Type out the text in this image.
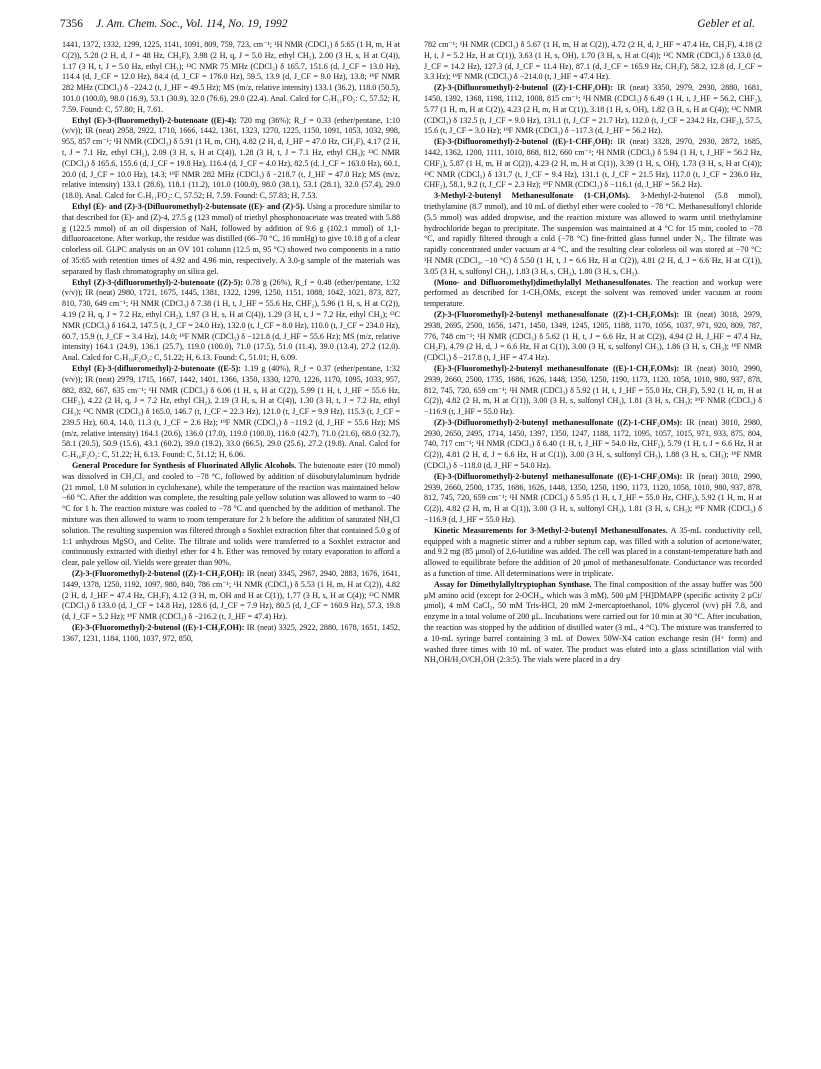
7356 J. Am. Chem. Soc., Vol. 114, No. 19, 1992	Gebler et al.

1441, 1372, 1332, 1299, 1225, 1141, 1091, 809, 759, 723, cm⁻¹; ¹H NMR (CDCl₃) δ 5.65 (1 H, m, H at C(2)), 5.28 (2 H, d, J = 48 Hz, CH₂F), 3.98 (2 H, q, J = 5.0 Hz, ethyl CH₂), 2.00 (3 H, s, H at C(4)), 1.17 (3 H, t, J = 5.0 Hz, ethyl CH₃); ¹³C NMR 75 MHz (CDCl₃) δ 165.7, 151.6 (d, J_CF = 13.0 Hz), 114.4 (d, J_CF = 12.0 Hz), 84.4 (d, J_CF = 176.0 Hz), 59.5, 13.9 (d, J_CF = 9.0 Hz), 13.8; ¹⁹F NMR 282 MHz (CDCl₃) δ −224.2 (t, J_HF = 49.5 Hz); MS (m/z, relative intensity) 133.1 (36.2), 118.0 (50.5), 101.0 (100.0), 98.0 (16.9), 53.1 (30.9), 32.0 (76.6), 29.0 (22.4). Anal. Calcd for C₇H₁₁FO₂: C, 57.52; H, 7.59. Found: C, 57.80; H, 7.61.

Ethyl (E)-3-(fluoromethyl)-2-butenoate ((E)-4): 720 mg (36%); R_f = 0.33 (ether/pentane, 1:10 (v/v)); IR (neat) 2958, 2922, 1710, 1666, 1442, 1361, 1323, 1270, 1225, 1150, 1091, 1053, 1032, 998, 955, 857 cm⁻¹; ¹H NMR (CDCl₃) δ 5.91 (1 H, m, CH), 4.82 (2 H, d, J_HF = 47.0 Hz, CH₂F), 4.17 (2 H, t, J = 7.1 Hz, ethyl CH₂), 2.09 (3 H, s, H at C(4)), 1.28 (3 H, t, J = 7.1 Hz, ethyl CH₃); ¹³C NMR (CDCl₃) δ 165.6, 155.6 (d, J_CF = 19.8 Hz), 116.4 (d, J_CF = 4.0 Hz), 82.5 (d, J_CF = 163.0 Hz), 60.1, 20.0 (d, J_CF = 10.0 Hz), 14.3; ¹⁹F NMR 282 MHz (CDCl₃) δ −218.7 (t, J_HF = 47.0 Hz); MS (m/z, relative intensity) 133.1 (28.6), 118.1 (11.2), 101.0 (100.0), 98.0 (38.1), 53.1 (28.1), 32.0 (57.4), 29.0 (18.0). Anal. Calcd for C₇H₁₁FO₂: C, 57.52; H, 7.59. Found: C, 57.83; H, 7.53.

Ethyl (E)- and (Z)-3-(Difluoromethyl)-2-butenoate ((E)- and (Z)-5). Using a procedure similar to that described for (E)- and (Z)-4, 27.5 g (123 mmol) of triethyl phosphonoacetate was treated with 5.88 g (122.5 mmol) of an oil dispersion of NaH, followed by addition of 9.6 g (102.1 mmol) of 1,1-difluoroacetone. After workup, the residue was distilled (66–70 °C, 16 mmHg) to give 10.18 g of a clear colorless oil. GLPC analysis on an OV 101 column (12.5 m, 95 °C) showed two components in a ratio of 35:65 with retention times of 4.92 and 4.96 min, respectively. A 3.0-g sample of the materials was separated by flash chromatography on silica gel.

Ethyl (Z)-3-(difluoromethyl)-2-butenoate ((Z)-5): 0.78 g (26%), R_f = 0.48 (ether/pentane, 1:32 (v/v)); IR (neat) 2980, 1721, 1675, 1445, 1381, 1322, 1299, 1250, 1151, 1088, 1042, 1021, 873, 827, 810, 730, 649 cm⁻¹; ¹H NMR (CDCl₃) δ 7.38 (1 H, t, J_HF = 55.6 Hz, CHF₂), 5.96 (1 H, s, H at C(2)), 4.19 (2 H, q, J = 7.2 Hz, ethyl CH₂), 1.97 (3 H, s, H at C(4)), 1.29 (3 H, t, J = 7.2 Hz, ethyl CH₃); ¹³C NMR (CDCl₃) δ 164.2, 147.5 (t, J_CF = 24.0 Hz), 132.0 (t, J_CF = 8.0 Hz), 110.0 (t, J_CF = 234.0 Hz), 60.7, 15.9 (t, J_CF = 3.4 Hz), 14.0; ¹⁹F NMR (CDCl₃) δ −121.8 (d, J_HF = 55.6 Hz); MS (m/z, relative intensity) 164.1 (24.9), 136.1 (25.7), 119.0 (100.0), 71.0 (17.5), 51.0 (11.4), 39.0 (13.4), 27.2 (12.0). Anal. Calcd for C₇H₁₀F₂O₂: C, 51.22; H, 6.13. Found: C, 51.01; H, 6.09.

Ethyl (E)-3-(difluoromethyl)-2-butenoate ((E-5): 1.19 g (40%), R_f = 0.37 (ether/pentane, 1:32 (v/v)); IR (neat) 2979, 1715, 1667, 1442, 1401, 1366, 1350, 1330, 1270, 1226, 1170, 1095, 1033, 957, 882, 832, 667, 635 cm⁻¹; ¹H NMR (CDCl₃) δ 6.06 (1 H, s, H at C(2)), 5.99 (1 H, t, J_HF = 55.6 Hz, CHF₂), 4.22 (2 H, q, J = 7.2 Hz, ethyl CH₂), 2.19 (3 H, s, H at C(4)), 1.30 (3 H, t, J = 7.2 Hz, ethyl CH₃); ¹³C NMR (CDCl₃) δ 165.0, 146.7 (t, J_CF = 22.3 Hz), 121.0 (t, J_CF = 9.9 Hz), 115.3 (t, J_CF = 239.5 Hz), 60.4, 14.0, 11.3 (t, J_CF = 2.6 Hz); ¹⁹F NMR (CDCl₃) δ −119.2 (d, J_HF = 55.6 Hz); MS (m/z, relative intensity) 164.1 (20.6), 136.0 (17.0), 119.0 (100.0), 116.0 (42.7), 71.0 (21.6), 68.0 (32.7), 58.1 (20.5), 50.9 (15.6), 43.1 (60.2), 39.0 (19.2), 33.0 (66.5), 29.0 (25.6), 27.2 (19.8). Anal. Calcd for C₇H₁₀F₂O₂: C, 51.22; H, 6.13. Found: C, 51.12; H, 6.06.

General Procedure for Synthesis of Fluorinated Allylic Alcohols. The butenoate ester (10 mmol) was dissolved in CH₂Cl₂ and cooled to −78 °C, followed by addition of diisobutylaluminum hydride (21 mmol, 1.0 M solution in cyclohexane), while the temperature of the reaction was maintained below −60 °C. After the addition was complete, the resulting pale yellow solution was allowed to warm to −40 °C for 1 h. The reaction mixture was cooled to −78 °C and quenched by the addition of methanol. The mixture was then allowed to warm to room temperature for 2 h before the addition of saturated NH₄Cl solution. The resulting suspension was filtered through a Soxhlet extraction filter that contained 5.0 g of 1:1 anhydrous MgSO₄ and Celite. The filtrate and solids were transferred to a Soxhlet extractor and continuously extracted with diethyl ether for 4 h. Ether was removed by rotary evaporation to afford a clear, pale yellow oil. Yields were greater than 90%.

(Z)-3-(Fluoromethyl)-2-butenol ((Z)-1-CH₂F,OH): IR (neat) 3345, 2967, 2940, 2883, 1676, 1641, 1449, 1378, 1250, 1192, 1097, 980, 840, 786 cm⁻¹; ¹H NMR (CDCl₃) δ 5.53 (1 H, m, H at C(2)), 4.82 (2 H, d, J_HF = 47.4 Hz, CH₂F), 4.12 (3 H, m, OH and H at C(1)), 1.77 (3 H, s, H at C(4)); ¹³C NMR (CDCl₃) δ 133.0 (d, J_CF = 14.8 Hz), 128.6 (d, J_CF = 7.9 Hz), 80.5 (d, J_CF = 160.9 Hz), 57.3, 19.8 (d, J_CF = 5.2 Hz); ¹⁹F NMR (CDCl₃) δ −216.2 (t, J_HF = 47.4) Hz).

(E)-3-(Fluoromethyl)-2-butenol ((E)-1-CH₂F,OH): IR (neat) 3325, 2922, 2880, 1678, 1651, 1452, 1367, 1231, 1184, 1100, 1037, 972, 850,

782 cm⁻¹; ¹H NMR (CDCl₃) δ 5.67 (1 H, m, H at C(2)), 4.72 (2 H, d, J_HF = 47.4 Hz, CH₂F), 4.18 (2 H, t, J = 5.2 Hz, H at C(1)), 3.63 (1 H, s, OH), 1.70 (3 H, s, H at C(4)); ¹³C NMR (CDCl₃) δ 133.0 (d, J_CF = 14.2 Hz), 127.3 (d, J_CF = 11.4 Hz), 87.1 (d, J_CF = 165.9 Hz, CH₂F), 58.2, 12.8 (d, J_CF = 3.3 Hz); ¹⁹F NMR (CDCl₃) δ −214.0 (t, J_HF = 47.4 Hz).

(Z)-3-(Difluoromethyl)-2-butenol ((Z)-1-CHF₂OH): IR (neat) 3350, 2979, 2930, 2880, 1681, 1450, 1392, 1368, 1198, 1112, 1008, 815 cm⁻¹; ¹H NMR (CDCl₃) δ 6.49 (1 H, t, J_HF = 56.2, CHF₂), 5.77 (1 H, m, H at C(2)), 4.23 (2 H, m, H at C(1)), 3.18 (1 H, s, OH), 1.82 (3 H, s, H at C(4)); ¹³C NMR (CDCl₃) δ 132.5 (t, J_CF = 9.0 Hz), 131.1 (t, J_CF = 21.7 Hz), 112.0 (t, J_CF = 234.2 Hz, CHF₂), 57.5, 15.6 (t, J_CF = 3.0 Hz); ¹⁹F NMR (CDCl₃) δ −117.3 (d, J_HF = 56.2 Hz).

(E)-3-(Difluoromethyl)-2-butenol ((E)-1-CHF₂OH): IR (neat) 3328, 2970, 2930, 2872, 1685, 1442, 1362, 1200, 1111, 1010, 868, 812, 660 cm⁻¹; ¹H NMR (CDCl₃) δ 5.94 (1 H, t, J_HF = 56.2 Hz, CHF₂), 5.87 (1 H, m, H at C(2)), 4.23 (2 H, m, H at C(1)), 3.39 (1 H, s, OH), 1.73 (3 H, s, H at C(4)); ¹³C NMR (CDCl₃) δ 131.7 (t, J_CF = 9.4 Hz), 131.1 (t, J_CF = 21.5 Hz), 117.0 (t, J_CF = 236.0 Hz, CHF₂), 58.1, 9.2 (t, J_CF = 2.3 Hz); ¹⁹F NMR (CDCl₃) δ −116.1 (d, J_HF = 56.2 Hz).

3-Methyl-2-butenyl Methanesulfonate (1-CH₃OMs). 3-Methyl-2-butenol (5.8 mmol), triethylamine (8.7 mmol), and 10 mL of diethyl ether were cooled to −78 °C. Methanesulfonyl chloride (5.5 mmol) was added dropwise, and the reaction mixture was allowed to warm until triethylamine hydrochloride began to precipitate. The suspension was maintained at 4 °C for 15 min, cooled to −78 °C, and rapidly filtered through a cold (−78 °C) fine-fritted glass funnel under N₂. The filtrate was rapidly concentrated under vacuum at 4 °C, and the resulting clear colorless oil was stored at −70 °C: ¹H NMR (CDCl₃, −10 °C) δ 5.50 (1 H, t, J = 6.6 Hz, H at C(2)), 4.81 (2 H, d, J = 6.6 Hz, H at C(1)), 3.05 (3 H, s, sulfonyl CH₃), 1.83 (3 H, s, CH₃), 1.80 (3 H, s, CH₃).

(Mono- and Difluoromethyl)dimethylallyl Methanesulfonates. The reaction and workup were performed as described for 1-CH₃OMs, except the solvent was removed under vacuum at room temperature.

(Z)-3-(Fluoromethyl)-2-butenyl methanesulfonate ((Z)-1-CH₂F,OMs): IR (neat) 3018, 2979, 2938, 2695, 2500, 1656, 1471, 1450, 1349, 1245, 1205, 1188, 1170, 1056, 1037, 971, 920, 809, 787, 776, 748 cm⁻¹; ¹H NMR (CDCl₃) δ 5.62 (1 H, t, J = 6.6 Hz, H at C(2)), 4.94 (2 H, J_HF = 47.4 Hz, CH₂F), 4.79 (2 H, d, J = 6.6 Hz, H at C(1)), 3.00 (3 H, s, sulfonyl CH₃), 1.86 (3 H, s, CH₃); ¹⁹F NMR (CDCl₃) δ −217.8 (t, J_HF = 47.4 Hz).

(E)-3-(Fluoromethyl)-2-butenyl methanesulfonate ((E)-1-CH₂F,OMs): IR (neat) 3010, 2990, 2939, 2660, 2500, 1735, 1686, 1626, 1448, 1350, 1250, 1190, 1173, 1120, 1058, 1010, 980, 937, 878, 812, 745, 720, 659 cm⁻¹; ¹H NMR (CDCl₃) δ 5.92 (1 H, t, J_HF = 55.0 Hz, CH₂F), 5.92 (1 H, m, H at C(2)), 4.82 (2 H, m, H at C(1)), 3.00 (3 H, s, sulfonyl CH₃), 1.81 (3 H, s, CH₃); ¹⁹F NMR (CDCl₃) δ −116.9 (t, J_HF = 55.0 Hz).

(Z)-3-(Difluoromethyl)-2-butenyl methanesulfonate ((Z)-1-CHF₂OMs): IR (neat) 3010, 2980, 2930, 2650, 2495, 1714, 1450, 1397, 1350, 1247, 1188, 1172, 1095, 1057, 1015, 971, 933, 875, 804, 740, 717 cm⁻¹; ¹H NMR (CDCl₃) δ 6.40 (1 H, t, J_HF = 54.0 Hz, CHF₂), 5.79 (1 H, t, J = 6.6 Hz, H at C(2)), 4.81 (2 H, d, J = 6.6 Hz, H at C(1)), 3.00 (3 H, s, sulfonyl CH₃), 1.88 (3 H, s, CH₃); ¹⁹F NMR (CDCl₃) δ −118.0 (d, J_HF = 54.0 Hz).

(E)-3-(Difluoromethyl)-2-butenyl methanesulfonate ((E)-1-CHF₂OMs): IR (neat) 3010, 2990, 2939, 2660, 2500, 1735, 1686, 1626, 1448, 1350, 1250, 1190, 1173, 1120, 1058, 1010, 980, 937, 878, 812, 745, 720, 659 cm⁻¹; ¹H NMR (CDCl₃) δ 5.95 (1 H, t, J_HF = 55.0 Hz, CHF₂), 5.92 (1 H, m, H at C(2)), 4.82 (2 H, m, H at C(1)), 3.00 (3 H, s, sulfonyl CH₃), 1.81 (3 H, s, CH₃); ¹⁹F NMR (CDCl₃) δ −116.9 (d, J_HF = 55.0 Hz).

Kinetic Measurements for 3-Methyl-2-butenyl Methanesulfonates. A 35-mL conductivity cell, equipped with a magnetic stirrer and a rubber septum cap, was filled with a solution of acetone/water, and 9.2 mg (85 μmol) of 2,6-lutidine was added. The cell was placed in a constant-temperature bath and allowed to equilibrate before the addition of 20 μmol of methanesulfonate. Conductance was recorded as a function of time. All determinations were in triplicate.

Assay for Dimethylallyltryptophan Synthase. The final composition of the assay buffer was 500 μM amino acid (except for 2-OCH₃, which was 3 mM), 500 μM [³H]DMAPP (specific activity 2 μCi/μmol), 4 mM CaCl₂, 50 mM Tris-HCl, 20 mM 2-mercaptoethanol, 10% glycerol (v/v) pH 7.8, and enzyme in a total volume of 200 μL. Incubations were carried out for 10 min at 30 °C. After incubation, the reaction was stopped by the addition of distilled water (3 mL, 4 °C). The mixture was transferred to a 10-mL syringe barrel containing 3 mL of Dowex 50W-X4 cation exchange resin (H⁺ form) and washed three times with 10 mL of water. The product was eluted into a glass scintillation vial with NH₄OH/H₂O/CH₃OH (2:3:5). The vials were placed in a dry
